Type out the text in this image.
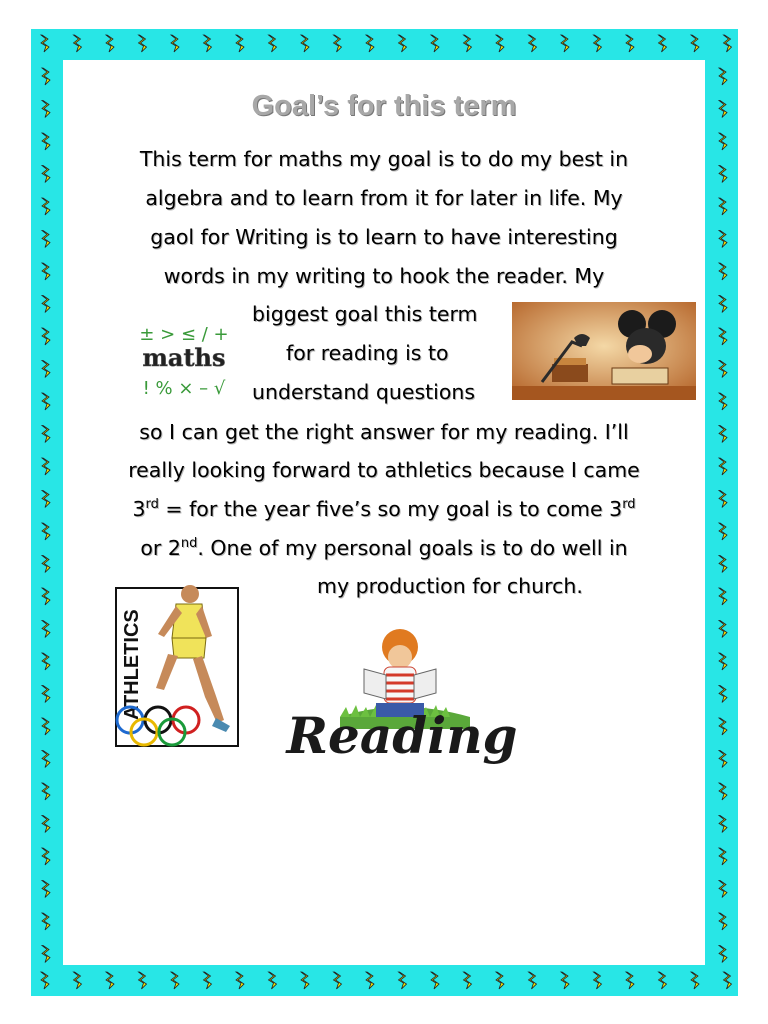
Goal’s for this term
This term for maths my goal is to do my best in
algebra and to learn from it for later in life. My
gaol for Writing is to learn to have interesting
words in my writing to hook the reader. My
biggest goal this term
for reading is to
understand questions
so I can get the right answer for my reading. I’ll
really looking forward to athletics because I came
3rd = for the year five’s so my goal is to come 3rd
or 2nd. One of my personal goals is to do well in
my production for church.
± > ≤ / +
maths
! % × – √
ATHLETICS
Reading
